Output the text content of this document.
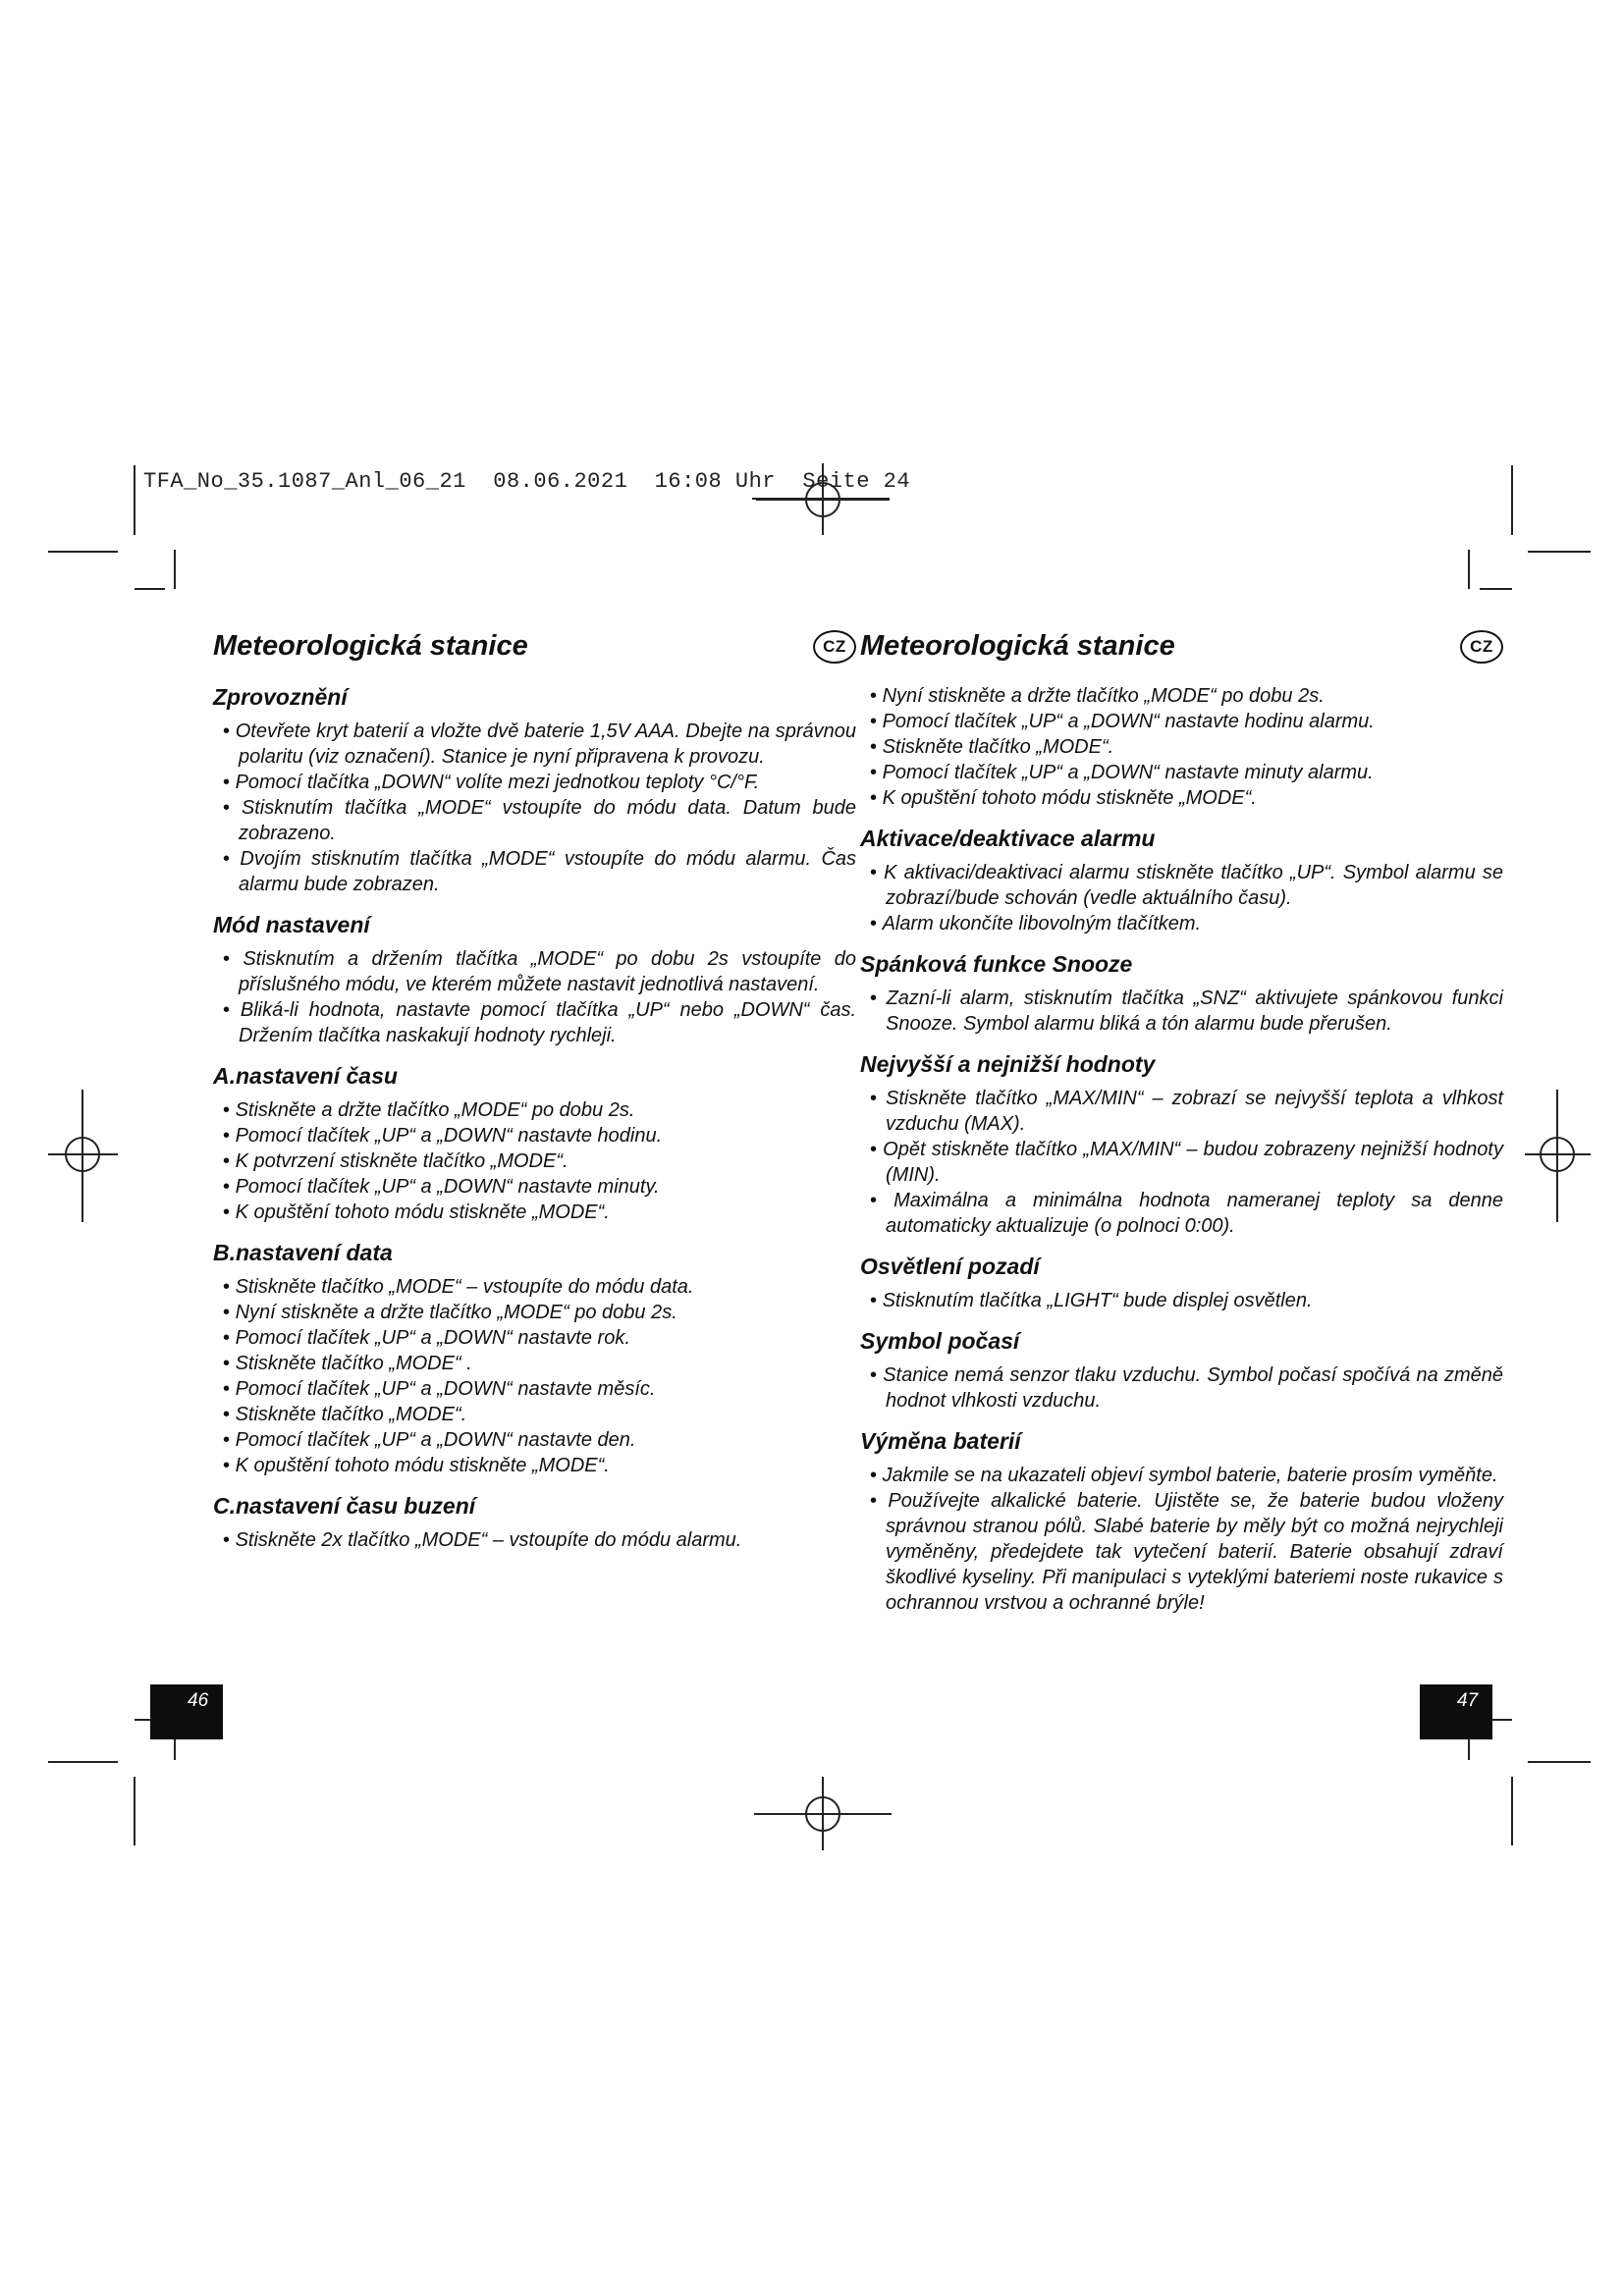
TFA_No_35.1087_Anl_06_21  08.06.2021  16:08 Uhr  Seite 24
Meteorologická stanice	CZ
Zprovoznění
• Otevřete kryt baterií a vložte dvě baterie 1,5V AAA. Dbejte na správnou polaritu (viz označení). Stanice je nyní připravena k provozu.
• Pomocí tlačítka „DOWN“ volíte mezi jednotkou teploty °C/°F.
• Stisknutím tlačítka „MODE“ vstoupíte do módu data. Datum bude zobrazeno.
• Dvojím stisknutím tlačítka „MODE“ vstoupíte do módu alarmu. Čas alarmu bude zobrazen.
Mód nastavení
• Stisknutím a držením tlačítka „MODE“ po dobu 2s vstoupíte do příslušného módu, ve kterém můžete nastavit jednotlivá nastavení.
• Bliká-li hodnota, nastavte pomocí tlačítka „UP“ nebo „DOWN“ čas. Držením tlačítka naskakují hodnoty rychleji.
A.nastavení času
• Stiskněte a držte tlačítko „MODE“ po dobu 2s.
• Pomocí tlačítek „UP“ a „DOWN“ nastavte hodinu.
• K potvrzení stiskněte tlačítko „MODE“.
• Pomocí tlačítek „UP“ a „DOWN“ nastavte minuty.
• K opuštění tohoto módu stiskněte „MODE“.
B.nastavení data
• Stiskněte tlačítko „MODE“ – vstoupíte do módu data.
• Nyní stiskněte a držte tlačítko „MODE“ po dobu 2s.
• Pomocí tlačítek „UP“ a „DOWN“ nastavte rok.
• Stiskněte tlačítko „MODE“ .
• Pomocí tlačítek „UP“ a „DOWN“ nastavte měsíc.
• Stiskněte tlačítko „MODE“.
• Pomocí tlačítek „UP“ a „DOWN“ nastavte den.
• K opuštění tohoto módu stiskněte „MODE“.
C.nastavení času buzení
• Stiskněte 2x tlačítko „MODE“ – vstoupíte do módu alarmu.
46
Meteorologická stanice	CZ
• Nyní stiskněte a držte tlačítko „MODE“ po dobu 2s.
• Pomocí tlačítek „UP“ a „DOWN“ nastavte hodinu alarmu.
• Stiskněte tlačítko „MODE“.
• Pomocí tlačítek „UP“ a „DOWN“ nastavte minuty alarmu.
• K opuštění tohoto módu stiskněte „MODE“.
Aktivace/deaktivace alarmu
• K aktivaci/deaktivaci alarmu stiskněte tlačítko „UP“. Symbol alarmu se zobrazí/bude schován (vedle aktuálního času).
• Alarm ukončíte libovolným tlačítkem.
Spánková funkce Snooze
• Zazní-li alarm, stisknutím tlačítka „SNZ“ aktivujete spánkovou funkci Snooze. Symbol alarmu bliká a tón alarmu bude přerušen.
Nejvyšší a nejnižší hodnoty
• Stiskněte tlačítko „MAX/MIN“ – zobrazí se nejvyšší teplota a vlhkost vzduchu (MAX).
• Opět stiskněte tlačítko „MAX/MIN“ – budou zobrazeny nejnižší hodnoty (MIN).
• Maximálna a minimálna hodnota nameranej teploty sa denne automaticky aktualizuje (o polnoci 0:00).
Osvětlení pozadí
• Stisknutím tlačítka „LIGHT“ bude displej osvětlen.
Symbol počasí
• Stanice nemá senzor tlaku vzduchu. Symbol počasí spočívá na změně hodnot vlhkosti vzduchu.
Výměna baterií
• Jakmile se na ukazateli objeví symbol baterie, baterie prosím vyměňte.
• Používejte alkalické baterie. Ujistěte se, že baterie budou vloženy správnou stranou pólů. Slabé baterie by měly být co možná nejrychleji vyměněny, předejdete tak vytečení baterií. Baterie obsahují zdraví škodlivé kyseliny. Při manipulaci s vyteklými bateriemi noste rukavice s ochrannou vrstvou a ochranné brýle!
47
